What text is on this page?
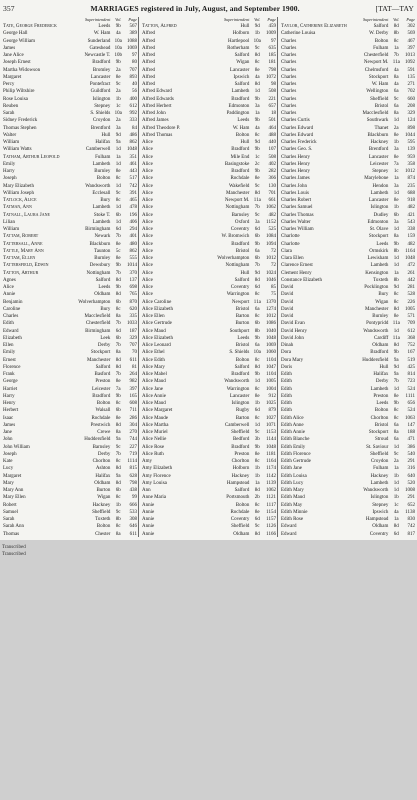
357	MARRIAGES registered in July, August, and September 1900.	[TAT—TAY
Superintendent	Vol.	Page
Tate, George Frederick	Leeds	9b	567
George Hall	W. Ham	4a	389
George William	Sunderland 10a	1088
James	Gateshead 10a	1069
Jane Alice	Newcastle T. 10b	97
Joseph Ernest	Bradford	9b	80
Martha Widowson	Bromley	2a	707
Margaret	Lancaster	8e	893
Percy	Pontefract	9c	40
Philip Wiltshire	Guildford	2a	56
Rose Louisa	Islington	1b	400
Reuben	Stepney	1c	612
Sarah	S. Shields 10a	992
Sidney Frederick	Croydon	2a	333
Thomas Stephen	Brentford	3a	84
Walter	Hull	9d	486
William	Halifax	9a	862
William Watts	Camberwell	1d	1048
Tatham, Arthur Leopold	Fulham	1a	351
Emily	Lambeth	1d	461
Harry	Burnley	8e	443
Joseph	Bolton	8c	517
Mary Elizabeth	Wandsworth	1d	742
William Joseph	Ecclesall	9c	391
Tatlock, Alice	Bury	8c	465
Tatman, Ann	Lambeth	1d	478
Tatnall, Laura Jane	Stoke T.	6b	196
Lilian	Lambeth	1d	406
William	Birmingham	6d	294
Tattam, Robert	Newark	7b	401
Tattersall, Anne	Blackburn	8e	480
Tattle, Mary Ann	Taunton	5c	862
Tattam, Ellen	Burnley	8e	555
Tattersfield, Edwin	Dewsbury	9b	1014
Tatton, Arthur	Nottingham	7b	370
Agnes	Salford	8d	137
Alice	Leeds	9b	698
Annie	Oldham	8d	765
Benjamin	Wolverhampton	6b	870
Caroline	Bury	8c	620
Charles	Macclesfield	8a	335
Edith	Chesterfield	7b	1033
Edward	Birmingham	6d	187
Elizabeth	Leek	6b	329
Ellen	Derby	7b	707
Emily	Stockport	8a	70
Ernest	Manchester	8d	611
Florence	Salford	8d	81
Frank	Basford	7b	264
George	Preston	8e	982
Harriet	Leicester	7a	397
Harry	Bradford	9b	165
Henry	Bolton	8c	608
Herbert	Walsall	6b	711
Isaac	Rochdale	8e	286
James	Prestwich	8d	304
Jane	Crewe	8a	270
John	Huddersfield	9a	744
John William	Barnsley	9c	227
Joseph	Derby	7b	719
Kate	Chorlton	8c	1114
Lucy	Ashton	8d	815
Margaret	Halifax	9a	628
Mary	Oldham	8d	798
Mary Ann	Burton	6b	438
Mary Ellen	Wigan	8c	99
Robert	Hackney	1b	666
Samuel	Sheffield	9c	533
Sarah	Toxteth	8b	308
Sarah Ann	Bolton	8c	646
Thomas	Chester	8a	611
Superintendent	Vol.	Page
Tatton, Alfred	Hull	9d	459
Alfred	Holborn	1b	1009
Alfred	Hartlepool 10a	97
Alfred	Rotherham	9c	635
Alfred	Salford	8d	185
Alfred	Wigan	8c	181
Alfred	Lancaster	8e	798
Alfred	Ipswich	4a	1072
Alfred	Salford	8d	98
Alfred Edward	Lambeth	1d	508
Alfred Edwards	Bradford	9b	221
Alfred Herbert	Edmonton	3a	657
Alfred John	Paddington	1a	18
Alfred James	Leeds	9b	501
Alfred Theodore P.	W. Ham	4a	464
Alfred Thomas	Bolton	8c	488
Alice	Hull	9d	440
Alice	Bradford	9b	107
Alice	Mile End	1c	508
Alice	Basingstoke	2c	402
Alice	Bradford	9b	282
Alice	Rochdale	8e	366
Alice	Wakefield	9c	130
Alice	Manchester	8d	701
Alice	Newport M. 11a	661
Alice	Nottingham	7b	1062
Alice	Barnsley	9c	482
Alice	Oxford	3a	1152
Alice	Coventry	6d	525
Alice	W. Bromwich	6b	1084
Alice	Bradford	9b	1094
Alice	Bristol	6a	72
Alice	Wolverhampton	6b	1012
Alice	Nottingham	7b	72
Alice	Hull	9d	1024
Alice	Salford	8d	1046
Alice	Coventry	6d	85
Alice	Warrington	8c	75
Alice Caroline	Newport 11a	1370
Alice Elizabeth	Bristol	6a	1274
Alice Ellen	Barton	8c	1012
Alice Gertrude	Burton	6b	1086
Alice Maud	Southport	8b	1040
Alice Elizabeth	Leeds	9b	1048
Alice Leonard	Bristol	6a	1069
Alice Ethel	S. Shields 10a	1060
Alice Edith	Bolton	8c	1104
Alice Mary	Salford	8d	1047
Alice Mabel	Bradford	9b	1104
Alice Maud	Wandsworth	1d	1005
Alice Jane	Warrington	8c	1004
Alice Annie	Lancaster	8e	912
Alice Maud	Islington	1b	1025
Alice Margaret	Rugby	6d	879
Alice Maude	Barton	8c	1027
Alice Martha	Camberwell	1d	1071
Alice Muriel	Sheffield	9c	1153
Alice Nellie	Bedford	3b	1144
Alice Rose	Bradford	9b	1048
Alice Ruth	Preston	8e	1181
Amy	Chorlton	8c	1164
Amy Elizabeth	Holborn	1b	1174
Amy Florence	Hackney	1b	1142
Amy Louisa	Hampstead	1a	1139
Ann	Salford	8d	1062
Anne Maria	Portsmouth	2b	1121
Annie	Bolton	8c	1117
Annie	Rochdale	8e	1154
Annie	Coventry	6d	1157
Annie	Sheffield	9c	1126
Annie	Oldham	8d	1166
Superintendent	Vol.	Page
Taylor, Catherine Elizabeth	Salford	8d	302
Catherine Louisa	W. Derby	8b	569
Charles	Bolton	8c	467
Charles	Fulham	1a	397
Charles	Chesterfield	7b	1013
Charles	Newport M. 11a	1092
Charles	Chelmsford	4a	591
Charles	Stockport	8a	135
Charles	W. Ham	4a	271
Charles	Wellington	6a	702
Charles	Sheffield	9c	660
Charles	Bristol	6a	208
Charles	Macclesfield	8a	329
Charles Curtis	Southwark	1d	124
Charles Edward	Thanet	2a	898
Charles Edward	Blackburn	8e	1044
Charles Frederick	Hackney	1b	595
Charles Geo. S.	Brentford	3a	139
Charles Henry	Lancaster	8e	959
Charles Henry	Leicester	7a	358
Charles Henry	Stepney	1c	1012
Charles James	Marylebone	1a	874
Charles John	Hendon	3a	235
Charles Louis	Lambeth	1d	688
Charles Robert	Lancaster	8e	918
Charles Samuel	Islington	1b	482
Charles Thomas	Dudley	6b	421
Charles Walter	Edmonton	3a	543
Charles William	St. Olave	1d	338
Charlotte	Stockport	8a	159
Charlotte	Leeds	9b	482
Clara	Ormskirk	8b	1164
Clara Ellen	Lewisham	1d	1048
Clarence Ernest	Lambeth	1d	472
Clement Henry	Kensington	1a	261
Constance Elizabeth	Toxteth	8b	442
David	Pocklington	9d	281
David	Bury	8c	528
David	Wigan	8c	226
David	Manchester	8d	1005
David	Burnley	8e	571
David Evan	Pontypridd 11a	709
David Henry	Wandsworth	1d	612
David John	Cardiff 11a	368
Dinah	Oldham	8d	752
Dora	Bradford	9b	167
Dora Mary	Huddersfield	9a	519
Doris	Hull	9d	425
Edith	Halifax	9a	814
Edith	Derby	7b	723
Edith	Lambeth	1d	524
Edith	Preston	8e	1111
Edith	Leeds	9b	656
Edith	Bolton	8c	524
Edith Alice	Chorlton	8c	1063
Edith Anne	Bristol	6a	147
Edith Annie	Stockport	8a	188
Edith Blanche	Stroud	6a	471
Edith Emily	St. Saviour	1d	386
Edith Florence	Sheffield	9c	540
Edith Gertrude	Croydon	2a	291
Edith Jane	Fulham	1a	316
Edith Louisa	Hackney	1b	640
Edith Lucy	Lambeth	1d	520
Edith Mary	Wandsworth	1d	1008
Edith Maud	Islington	1b	291
Edith May	Stepney	1c	652
Edith Minnie	Ipswich	4a	1138
Edith Rose	Hampstead	1a	830
Edward	Oldham	8d	742
Edward	Coventry	6d	817
Transcribed
Transcribed
